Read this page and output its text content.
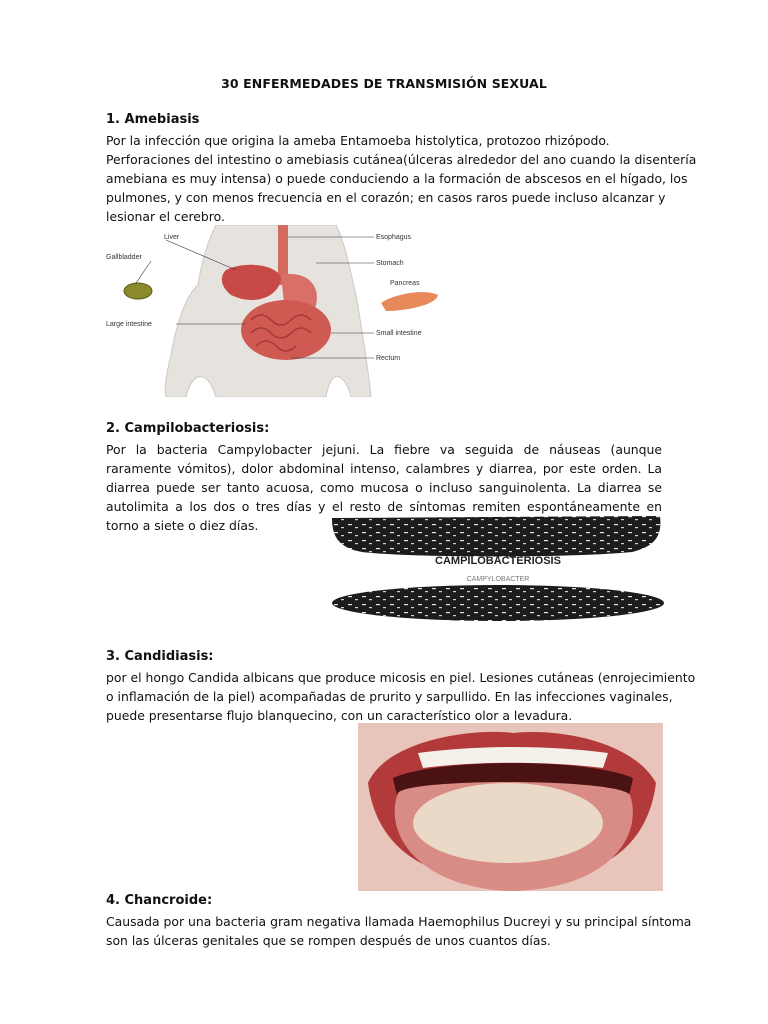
30 ENFERMEDADES DE TRANSMISIÓN SEXUAL
1. Amebiasis
Por la infección que origina la ameba Entamoeba histolytica, protozoo rhizópodo.
Perforaciones del intestino o amebiasis cutánea(úlceras alrededor del ano cuando la disentería
amebiana es muy intensa) o puede conduciendo a la formación de abscesos en el hígado, los
pulmones, y con menos frecuencia en el corazón; en casos raros puede incluso alcanzar y
lesionar el cerebro.
Liver
Gallbladder
Large intestine
Esophagus
Stomach
Pancreas
Small intestine
Rectum
2. Campilobacteriosis:
Por la bacteria Campylobacter jejuni. La fiebre va seguida de náuseas (aunque raramente vómitos), dolor abdominal intenso, calambres y diarrea, por este orden. La diarrea puede ser tanto acuosa, como mucosa o incluso sanguinolenta. La diarrea se autolimita a los dos o tres días y el resto de síntomas remiten espontáneamente en torno a siete o diez días.
CAMPILOBACTERIOSIS
CAMPYLOBACTER
3. Candidiasis:
por el hongo Candida albicans que produce micosis en piel. Lesiones cutáneas (enrojecimiento
o inflamación de la piel) acompañadas de prurito y sarpullido. En las infecciones vaginales,
puede presentarse flujo blanquecino, con un característico olor a levadura.
4. Chancroide:
Causada por una bacteria gram negativa llamada Haemophilus Ducreyi y su principal síntoma
son las úlceras genitales que se rompen después de unos cuantos días.
